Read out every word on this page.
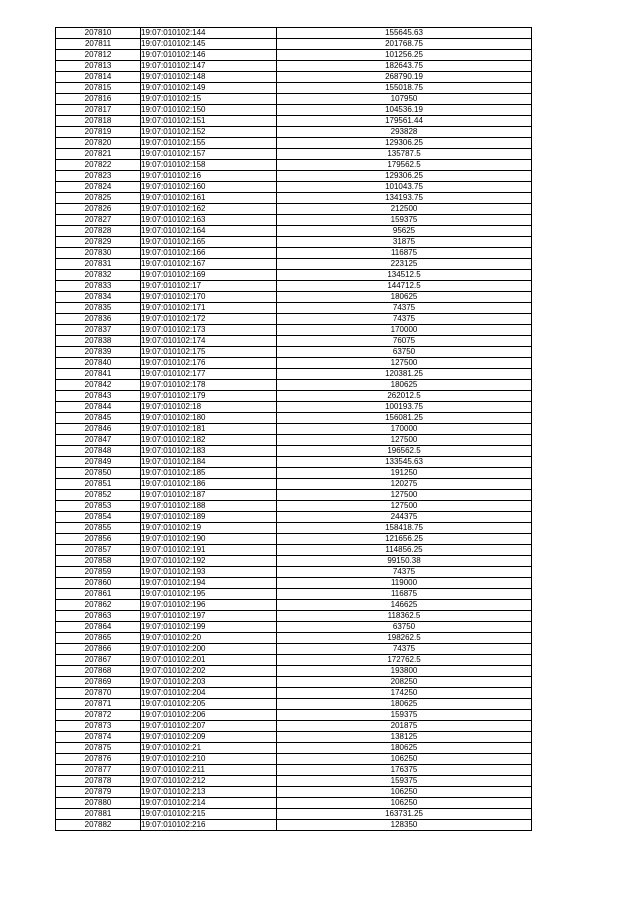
207810	19:07:010102:144	155645.63
207811	19:07:010102:145	201768.75
207812	19:07:010102:146	101256.25
207813	19:07:010102:147	182643.75
207814	19:07:010102:148	268790.19
207815	19:07:010102:149	155018.75
207816	19:07:010102:15	107950
207817	19:07:010102:150	104536.19
207818	19:07:010102:151	179561.44
207819	19:07:010102:152	293828
207820	19:07:010102:155	129306.25
207821	19:07:010102:157	135787.5
207822	19:07:010102:158	179562.5
207823	19:07:010102:16	129306.25
207824	19:07:010102:160	101043.75
207825	19:07:010102:161	134193.75
207826	19:07:010102:162	212500
207827	19:07:010102:163	159375
207828	19:07:010102:164	95625
207829	19:07:010102:165	31875
207830	19:07:010102:166	116875
207831	19:07:010102:167	223125
207832	19:07:010102:169	134512.5
207833	19:07:010102:17	144712.5
207834	19:07:010102:170	180625
207835	19:07:010102:171	74375
207836	19:07:010102:172	74375
207837	19:07:010102:173	170000
207838	19:07:010102:174	76075
207839	19:07:010102:175	63750
207840	19:07:010102:176	127500
207841	19:07:010102:177	120381.25
207842	19:07:010102:178	180625
207843	19:07:010102:179	262012.5
207844	19:07:010102:18	100193.75
207845	19:07:010102:180	156081.25
207846	19:07:010102:181	170000
207847	19:07:010102:182	127500
207848	19:07:010102:183	196562.5
207849	19:07:010102:184	133545.63
207850	19:07:010102:185	191250
207851	19:07:010102:186	120275
207852	19:07:010102:187	127500
207853	19:07:010102:188	127500
207854	19:07:010102:189	244375
207855	19:07:010102:19	158418.75
207856	19:07:010102:190	121656.25
207857	19:07:010102:191	114856.25
207858	19:07:010102:192	99150.38
207859	19:07:010102:193	74375
207860	19:07:010102:194	119000
207861	19:07:010102:195	116875
207862	19:07:010102:196	146625
207863	19:07:010102:197	118362.5
207864	19:07:010102:199	63750
207865	19:07:010102:20	198262.5
207866	19:07:010102:200	74375
207867	19:07:010102:201	172762.5
207868	19:07:010102:202	193800
207869	19:07:010102:203	208250
207870	19:07:010102:204	174250
207871	19:07:010102:205	180625
207872	19:07:010102:206	159375
207873	19:07:010102:207	201875
207874	19:07:010102:209	138125
207875	19:07:010102:21	180625
207876	19:07:010102:210	106250
207877	19:07:010102:211	176375
207878	19:07:010102:212	159375
207879	19:07:010102:213	106250
207880	19:07:010102:214	106250
207881	19:07:010102:215	163731.25
207882	19:07:010102:216	128350
